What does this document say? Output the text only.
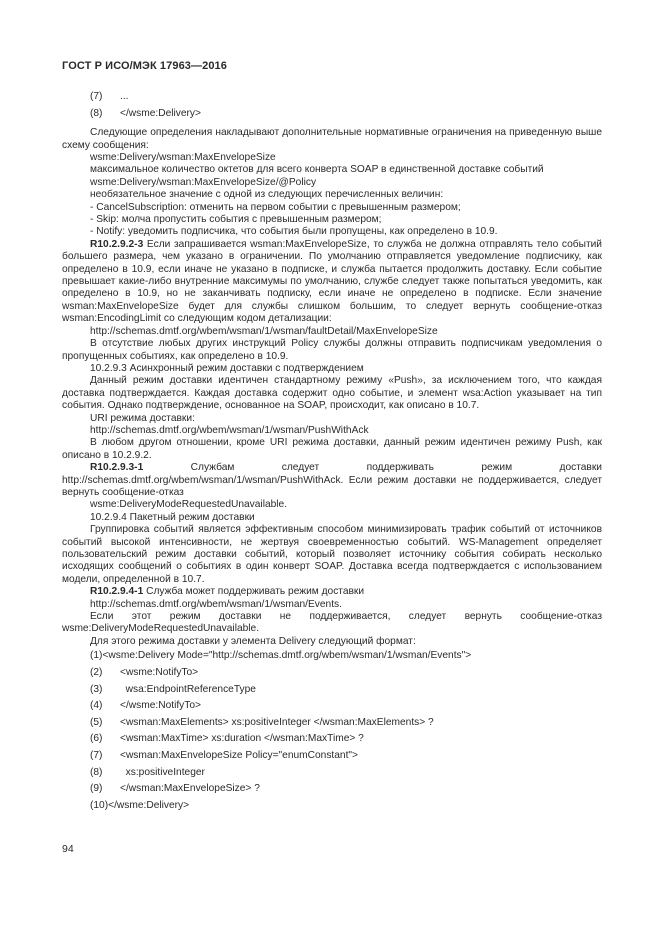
ГОСТ Р ИСО/МЭК 17963—2016
(7)	...
(8)	</wsme:Delivery>

Следующие определения накладывают дополнительные нормативные ограничения на приведенную выше схему сообщения:

wsme:Delivery/wsman:MaxEnvelopeSize

максимальное количество октетов для всего конверта SOAP в единственной доставке событий

wsme:Delivery/wsman:MaxEnvelopeSize/@Policy

необязательное значение с одной из следующих перечисленных величин:

- CancelSubscription: отменить на первом событии с превышенным размером;

- Skip: молча пропустить события с превышенным размером;

- Notify: уведомить подписчика, что события были пропущены, как определено в 10.9.

R10.2.9.2-3 Если запрашивается wsman:MaxEnvelopeSize, то служба не должна отправлять тело событий большего размера, чем указано в ограничении. По умолчанию отправляется уведомление подписчику, как определено в 10.9, если иначе не указано в подписке, и служба пытается продолжить доставку. Если событие превышает какие-либо внутренние максимумы по умолчанию, службе следует также попытаться уведомить, как определено в 10.9, но не заканчивать подписку, если иначе не определено в подписке. Если значение wsman:MaxEnvelopeSize будет для службы слишком большим, то следует вернуть сообщение-отказ wsman:EncodingLimit со следующим кодом детализации:

http://schemas.dmtf.org/wbem/wsman/1/wsman/faultDetail/MaxEnvelopeSize

В отсутствие любых других инструкций Policy службы должны отправить подписчикам уведомления о пропущенных событиях, как определено в 10.9.

10.2.9.3 Асинхронный режим доставки с подтверждением

Данный режим доставки идентичен стандартному режиму «Push», за исключением того, что каждая доставка подтверждается. Каждая доставка содержит одно событие, и элемент wsa:Action указывает на тип события. Однако подтверждение, основанное на SOAP, происходит, как описано в 10.7.

URI режима доставки:

http://schemas.dmtf.org/wbem/wsman/1/wsman/PushWithAck

В любом другом отношении, кроме URI режима доставки, данный режим идентичен режиму Push, как описано в 10.2.9.2.

R10.2.9.3-1 Службам следует поддерживать режим доставки http://schemas.dmtf.org/wbem/wsman/1/wsman/PushWithAck. Если режим доставки не поддерживается, следует вернуть сообщение-отказ

wsme:DeliveryModeRequestedUnavailable.

10.2.9.4 Пакетный режим доставки

Группировка событий является эффективным способом минимизировать трафик событий от источников событий высокой интенсивности, не жертвуя своевременностью событий. WS-Management определяет пользовательский режим доставки событий, который позволяет источнику события собирать несколько исходящих сообщений о событиях в один конверт SOAP. Доставка всегда подтверждается с использованием модели, определенной в 10.7.

R10.2.9.4-1 Служба может поддерживать режим доставки

http://schemas.dmtf.org/wbem/wsman/1/wsman/Events.

Если этот режим доставки не поддерживается, следует вернуть сообщение-отказ wsme:DeliveryModeRequestedUnavailable.

Для этого режима доставки у элемента Delivery следующий формат:

(1) <wsme:Delivery Mode="http://schemas.dmtf.org/wbem/wsman/1/wsman/Events">
(2)	<wsme:NotifyTo>
(3)	wsa:EndpointReferenceType
(4)	</wsme:NotifyTo>
(5)	<wsman:MaxElements> xs:positiveInteger </wsman:MaxElements> ?
(6)	<wsman:MaxTime> xs:duration </wsman:MaxTime> ?
(7)	<wsman:MaxEnvelopeSize Policy="enumConstant">
(8)	xs:positiveInteger
(9)	</wsman:MaxEnvelopeSize> ?
(10) </wsme:Delivery>
94
